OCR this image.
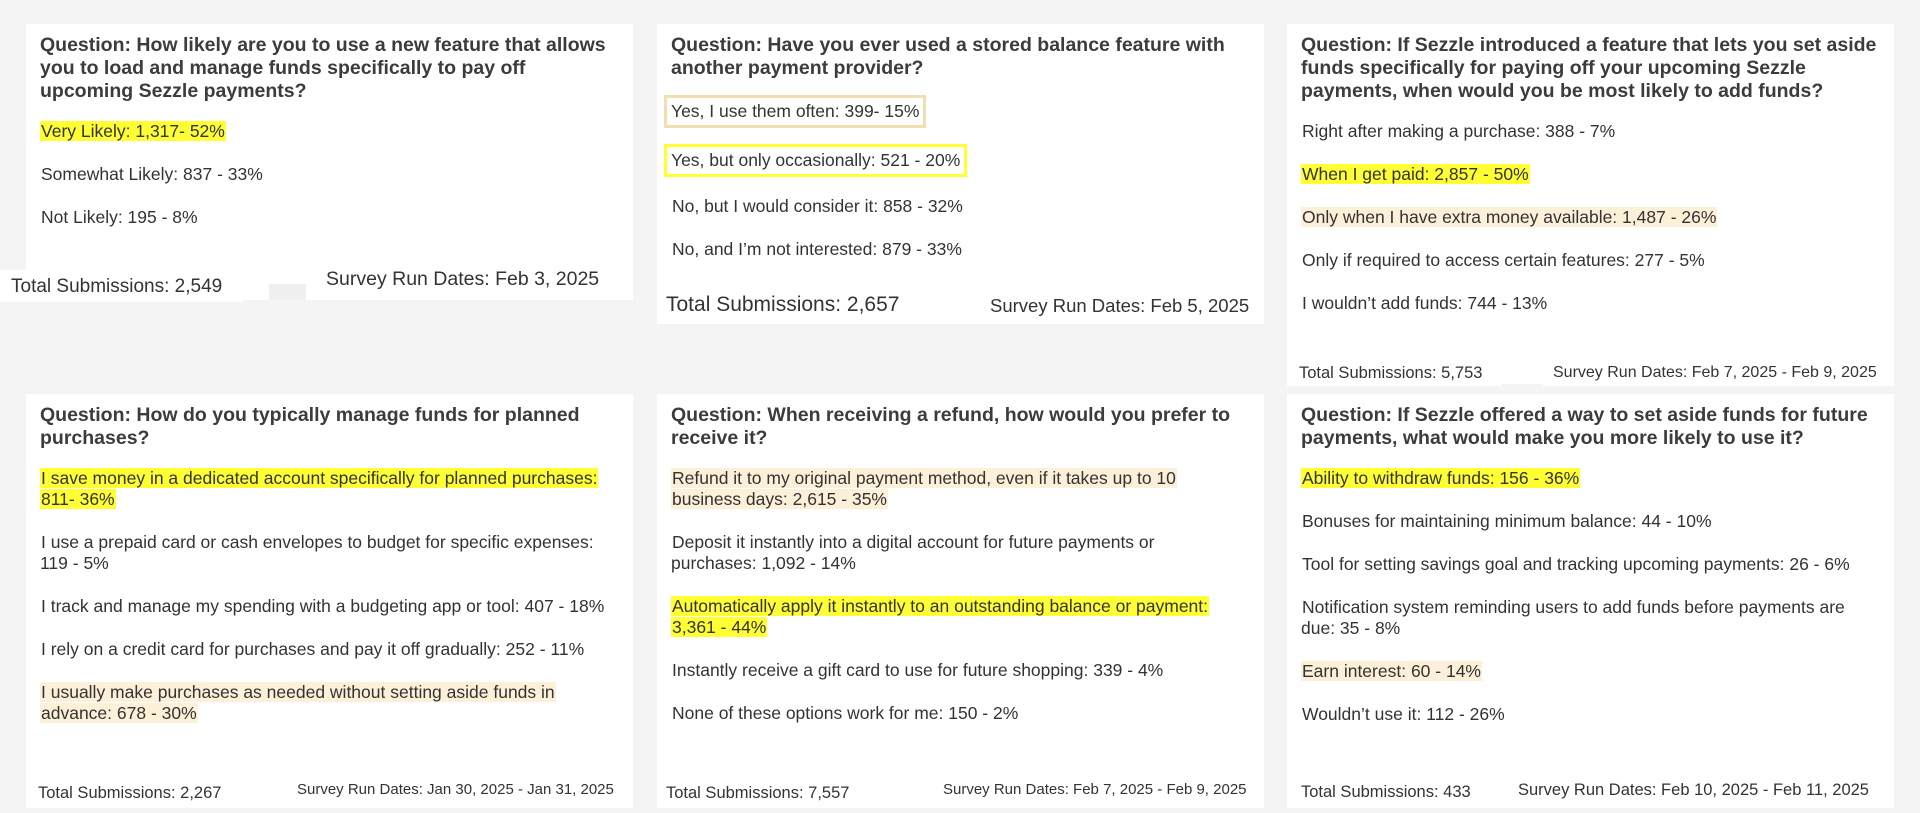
Question: How likely are you to use a new feature that allows you to load and manage funds specifically to pay off upcoming Sezzle payments?
Very Likely: 1,317- 52%
Somewhat Likely: 837 - 33%
Not Likely: 195 - 8%
Total Submissions: 2,549	Survey Run Dates: Feb 3, 2025
Question: Have you ever used a stored balance feature with another payment provider?
Yes, I use them often: 399- 15%
Yes, but only occasionally: 521 - 20%
No, but I would consider it: 858 - 32%
No, and I’m not interested: 879 - 33%
Total Submissions: 2,657	Survey Run Dates: Feb 5, 2025
Question: If Sezzle introduced a feature that lets you set aside funds specifically for paying off your upcoming Sezzle payments, when would you be most likely to add funds?
Right after making a purchase: 388 - 7%
When I get paid: 2,857 - 50%
Only when I have extra money available: 1,487 - 26%
Only if required to access certain features: 277 - 5%
I wouldn’t add funds: 744 - 13%
Total Submissions: 5,753	Survey Run Dates: Feb 7, 2025 - Feb 9, 2025
Question: How do you typically manage funds for planned purchases?
I save money in a dedicated account specifically for planned purchases: 811- 36%
I use a prepaid card or cash envelopes to budget for specific expenses: 119 - 5%
I track and manage my spending with a budgeting app or tool: 407 - 18%
I rely on a credit card for purchases and pay it off gradually: 252 - 11%
I usually make purchases as needed without setting aside funds in advance: 678 - 30%
Total Submissions: 2,267	Survey Run Dates: Jan 30, 2025 - Jan 31, 2025
Question: When receiving a refund, how would you prefer to receive it?
Refund it to my original payment method, even if it takes up to 10 business days: 2,615 - 35%
Deposit it instantly into a digital account for future payments or purchases: 1,092 - 14%
Automatically apply it instantly to an outstanding balance or payment: 3,361 - 44%
Instantly receive a gift card to use for future shopping: 339 - 4%
None of these options work for me: 150 - 2%
Total Submissions: 7,557	Survey Run Dates: Feb 7, 2025 - Feb 9, 2025
Question: If Sezzle offered a way to set aside funds for future payments, what would make you more likely to use it?
Ability to withdraw funds: 156 - 36%
Bonuses for maintaining minimum balance: 44 - 10%
Tool for setting savings goal and tracking upcoming payments: 26 - 6%
Notification system reminding users to add funds before payments are due: 35 - 8%
Earn interest: 60 - 14%
Wouldn’t use it: 112 - 26%
Total Submissions: 433	Survey Run Dates: Feb 10, 2025 - Feb 11, 2025
